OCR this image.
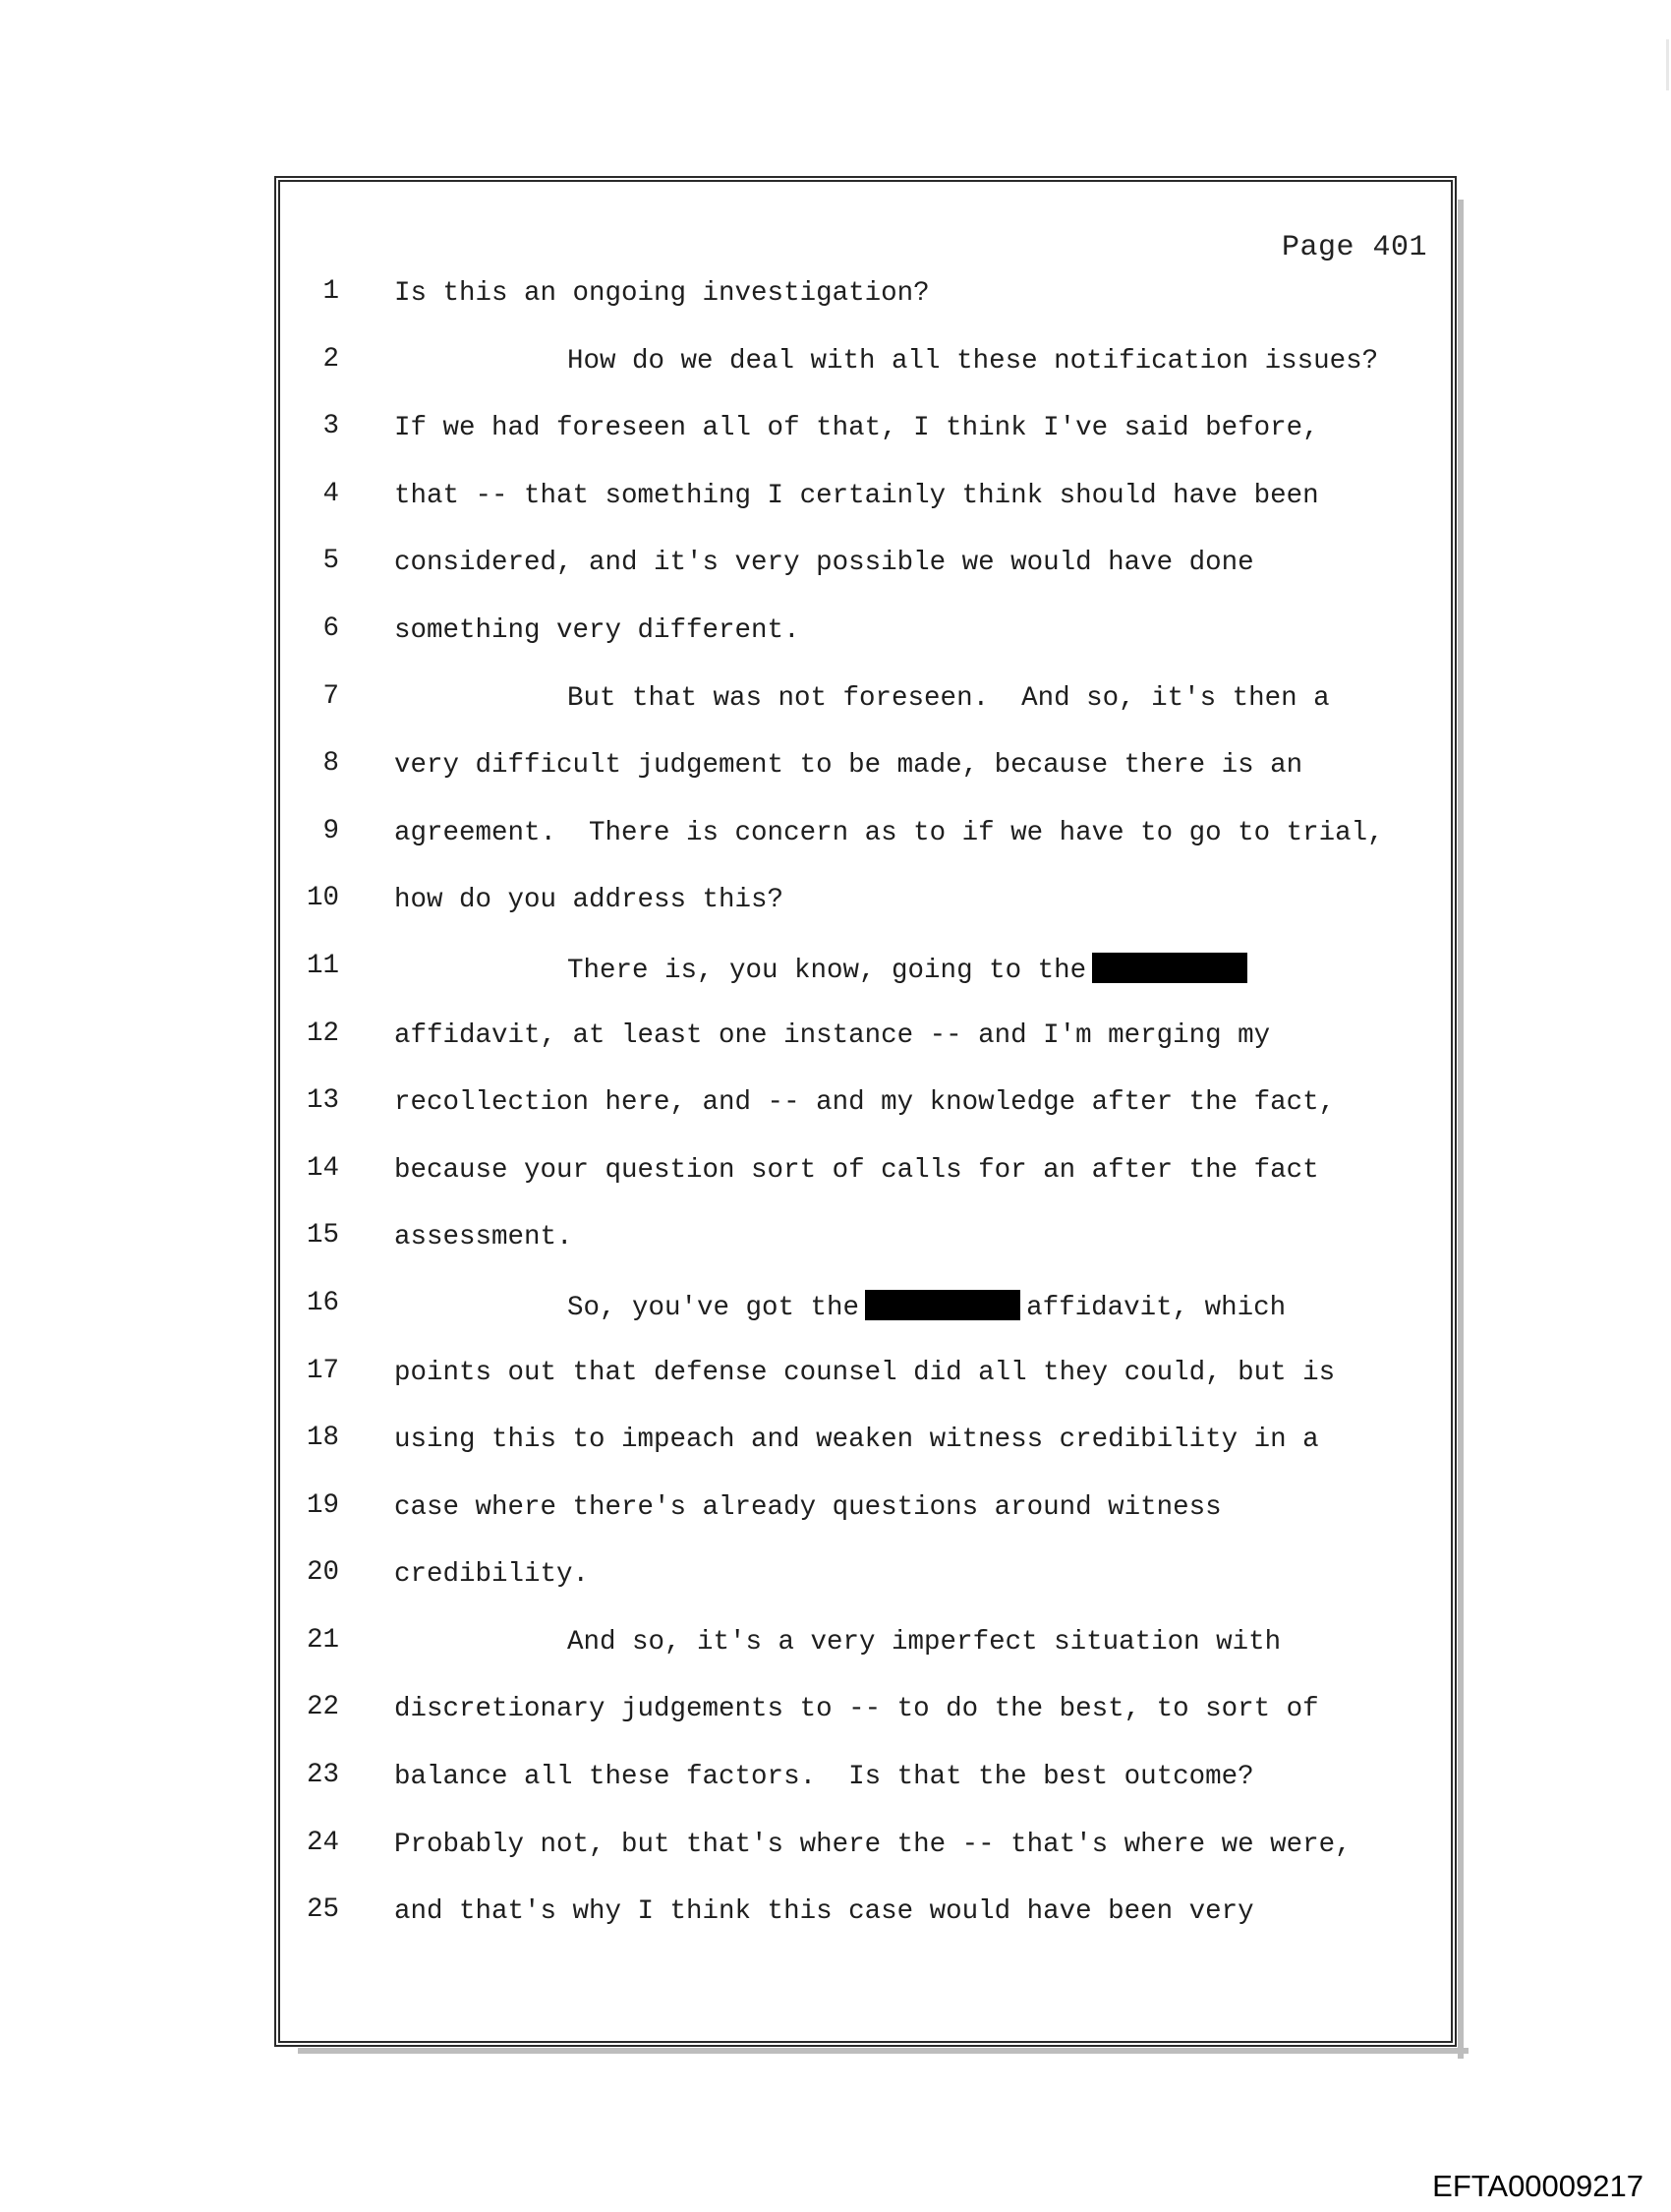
Page 401
1 Is this an ongoing investigation?
2	How do we deal with all these notification issues?
3 If we had foreseen all of that, I think I've said before,
4 that -- that something I certainly think should have been
5 considered, and it's very possible we would have done
6 something very different.
7	But that was not foreseen.  And so, it's then a
8 very difficult judgement to be made, because there is an
9 agreement.  There is concern as to if we have to go to trial,
10 how do you address this?
11	There is, you know, going to the
12 affidavit, at least one instance -- and I'm merging my
13 recollection here, and -- and my knowledge after the fact,
14 because your question sort of calls for an after the fact
15 assessment.
16	So, you've got the	affidavit, which
17 points out that defense counsel did all they could, but is
18 using this to impeach and weaken witness credibility in a
19 case where there's already questions around witness
20 credibility.
21	And so, it's a very imperfect situation with
22 discretionary judgements to -- to do the best, to sort of
23 balance all these factors.  Is that the best outcome?
24 Probably not, but that's where the -- that's where we were,
25 and that's why I think this case would have been very
EFTA00009217
